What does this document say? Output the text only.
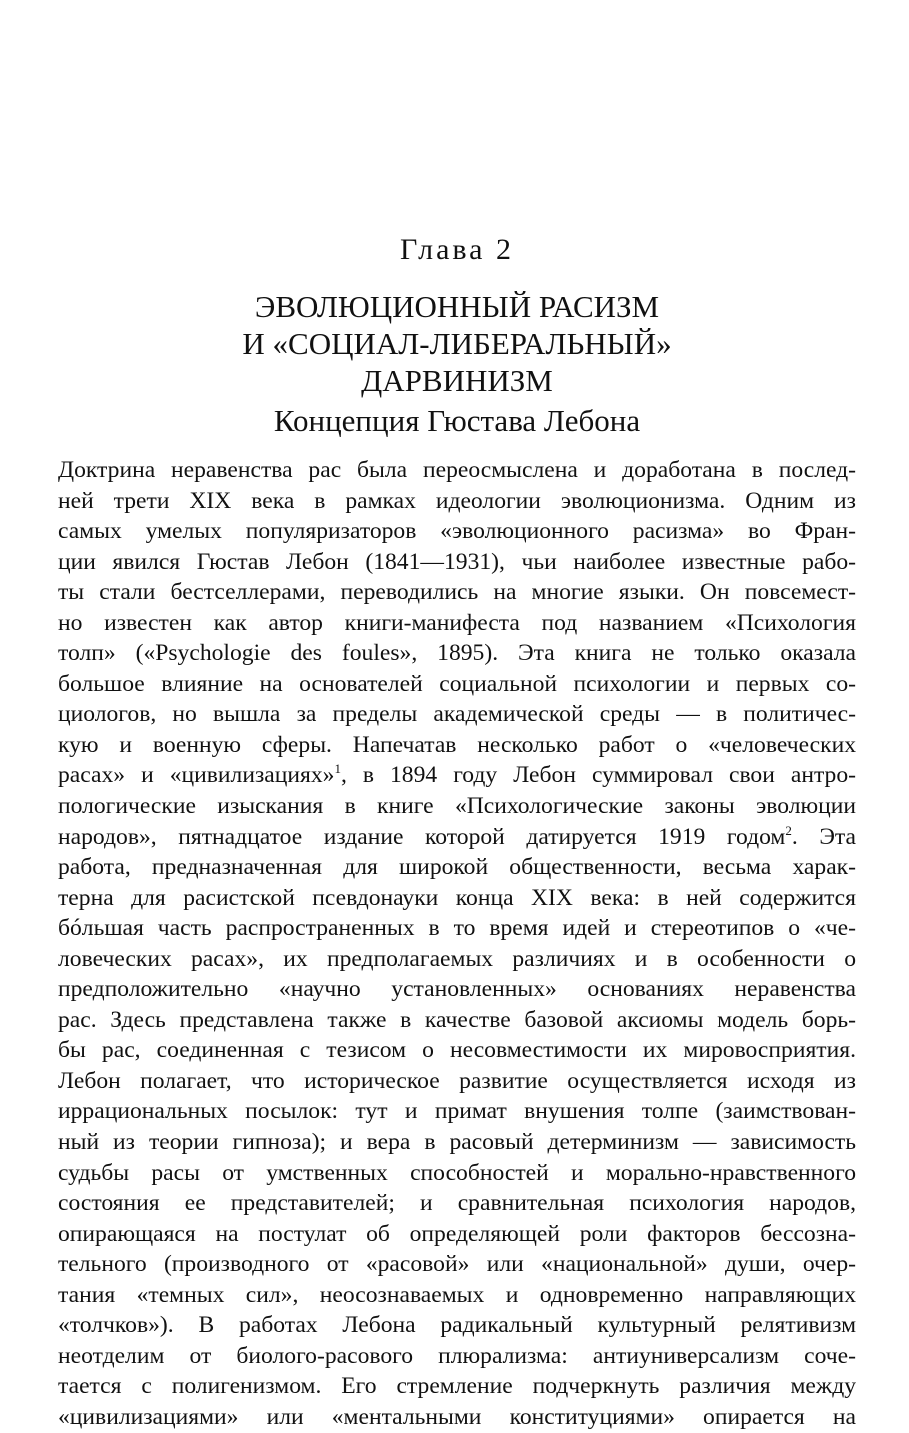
Глава 2
ЭВОЛЮЦИОННЫЙ РАСИЗМ
И «СОЦИАЛ-ЛИБЕРАЛЬНЫЙ»
ДАРВИНИЗМ
Концепция Гюстава Лебона
Доктрина неравенства рас была переосмыслена и доработана в послед-
ней трети XIX века в рамках идеологии эволюционизма. Одним из
самых умелых популяризаторов «эволюционного расизма» во Фран-
ции явился Гюстав Лебон (1841—1931), чьи наиболее известные рабо-
ты стали бестселлерами, переводились на многие языки. Он повсемест-
но известен как автор книги-манифеста под названием «Психология
толп» («Psychologie des foules», 1895). Эта книга не только оказала
большое влияние на основателей социальной психологии и первых со-
циологов, но вышла за пределы академической среды — в политичес-
кую и военную сферы. Напечатав несколько работ о «человеческих
расах» и «цивилизациях»$^1$, в 1894 году Лебон суммировал свои антро-
пологические изыскания в книге «Психологические законы эволюции
народов», пятнадцатое издание которой датируется 1919 годом$^2$. Эта
работа, предназначенная для широкой общественности, весьма харак-
терна для расистской псевдонауки конца XIX века: в ней содержится
бóльшая часть распространенных в то время идей и стереотипов о «че-
ловеческих расах», их предполагаемых различиях и в особенности о
предположительно «научно установленных» основаниях неравенства
рас. Здесь представлена также в качестве базовой аксиомы модель борь-
бы рас, соединенная с тезисом о несовместимости их мировосприятия.
Лебон полагает, что историческое развитие осуществляется исходя из
иррациональных посылок: тут и примат внушения толпе (заимствован-
ный из теории гипноза); и вера в расовый детерминизм — зависимость
судьбы расы от умственных способностей и морально-нравственного
состояния ее представителей; и сравнительная психология народов,
опирающаяся на постулат об определяющей роли факторов бессозна-
тельного (производного от «расовой» или «национальной» души, очер-
тания «темных сил», неосознаваемых и одновременно направляющих
«толчков»). В работах Лебона радикальный культурный релятивизм
неотделим от биолого-расового плюрализма: антиуниверсализм соче-
тается с полигенизмом. Его стремление подчеркнуть различия между
«цивилизациями» или «ментальными конституциями» опирается на
